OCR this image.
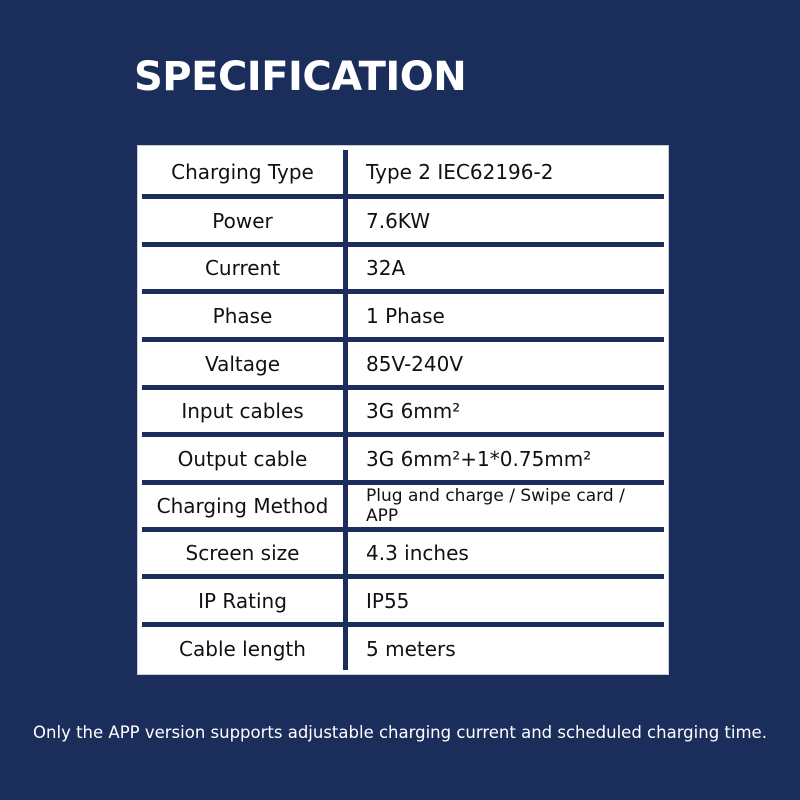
SPECIFICATION
Charging Type	Type 2 IEC62196-2
Power	7.6KW
Current	32A
Phase	1 Phase
Valtage	85V-240V
Input cables	3G 6mm²
Output cable	3G 6mm²+1*0.75mm²
Charging Method	Plug and charge / Swipe card / APP
Screen size	4.3 inches
IP Rating	IP55
Cable length	5 meters

Only the APP version supports adjustable charging current and scheduled charging time.
